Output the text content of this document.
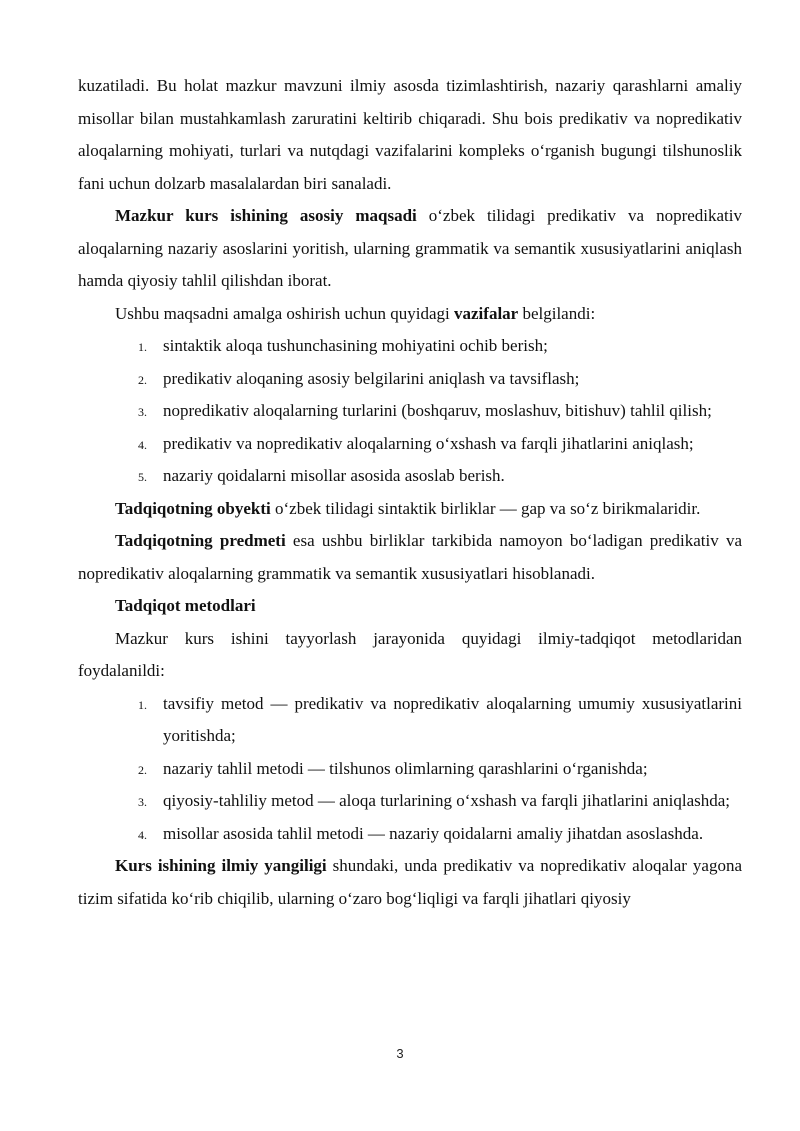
kuzatiladi. Bu holat mazkur mavzuni ilmiy asosda tizimlashtirish, nazariy qarashlarni amaliy misollar bilan mustahkamlash zaruratini keltirib chiqaradi. Shu bois predikativ va nopredikativ aloqalarning mohiyati, turlari va nutqdagi vazifalarini kompleks o‘rganish bugungi tilshunoslik fani uchun dolzarb masalalardan biri sanaladi.

Mazkur kurs ishining asosiy maqsadi o‘zbek tilidagi predikativ va nopredikativ aloqalarning nazariy asoslarini yoritish, ularning grammatik va semantik xususiyatlarini aniqlash hamda qiyosiy tahlil qilishdan iborat.

Ushbu maqsadni amalga oshirish uchun quyidagi vazifalar belgilandi:

1. sintaktik aloqa tushunchasining mohiyatini ochib berish;
2. predikativ aloqaning asosiy belgilarini aniqlash va tavsiflash;
3. nopredikativ aloqalarning turlarini (boshqaruv, moslashuv, bitishuv) tahlil qilish;
4. predikativ va nopredikativ aloqalarning o‘xshash va farqli jihatlarini aniqlash;
5. nazariy qoidalarni misollar asosida asoslab berish.

Tadqiqotning obyekti o‘zbek tilidagi sintaktik birliklar — gap va so‘z birikmalaridir.

Tadqiqotning predmeti esa ushbu birliklar tarkibida namoyon bo‘ladigan predikativ va nopredikativ aloqalarning grammatik va semantik xususiyatlari hisoblanadi.

Tadqiqot metodlari

Mazkur kurs ishini tayyorlash jarayonida quyidagi ilmiy-tadqiqot metodlaridan foydalanildi:

1. tavsifiy metod — predikativ va nopredikativ aloqalarning umumiy xususiyatlarini yoritishda;
2. nazariy tahlil metodi — tilshunos olimlarning qarashlarini o‘rganishda;
3. qiyosiy-tahliliy metod — aloqa turlarining o‘xshash va farqli jihatlarini aniqlashda;
4. misollar asosida tahlil metodi — nazariy qoidalarni amaliy jihatdan asoslashda.

Kurs ishining ilmiy yangiligi shundaki, unda predikativ va nopredikativ aloqalar yagona tizim sifatida ko‘rib chiqilib, ularning o‘zaro bog‘liqligi va farqli jihatlari qiyosiy

3
